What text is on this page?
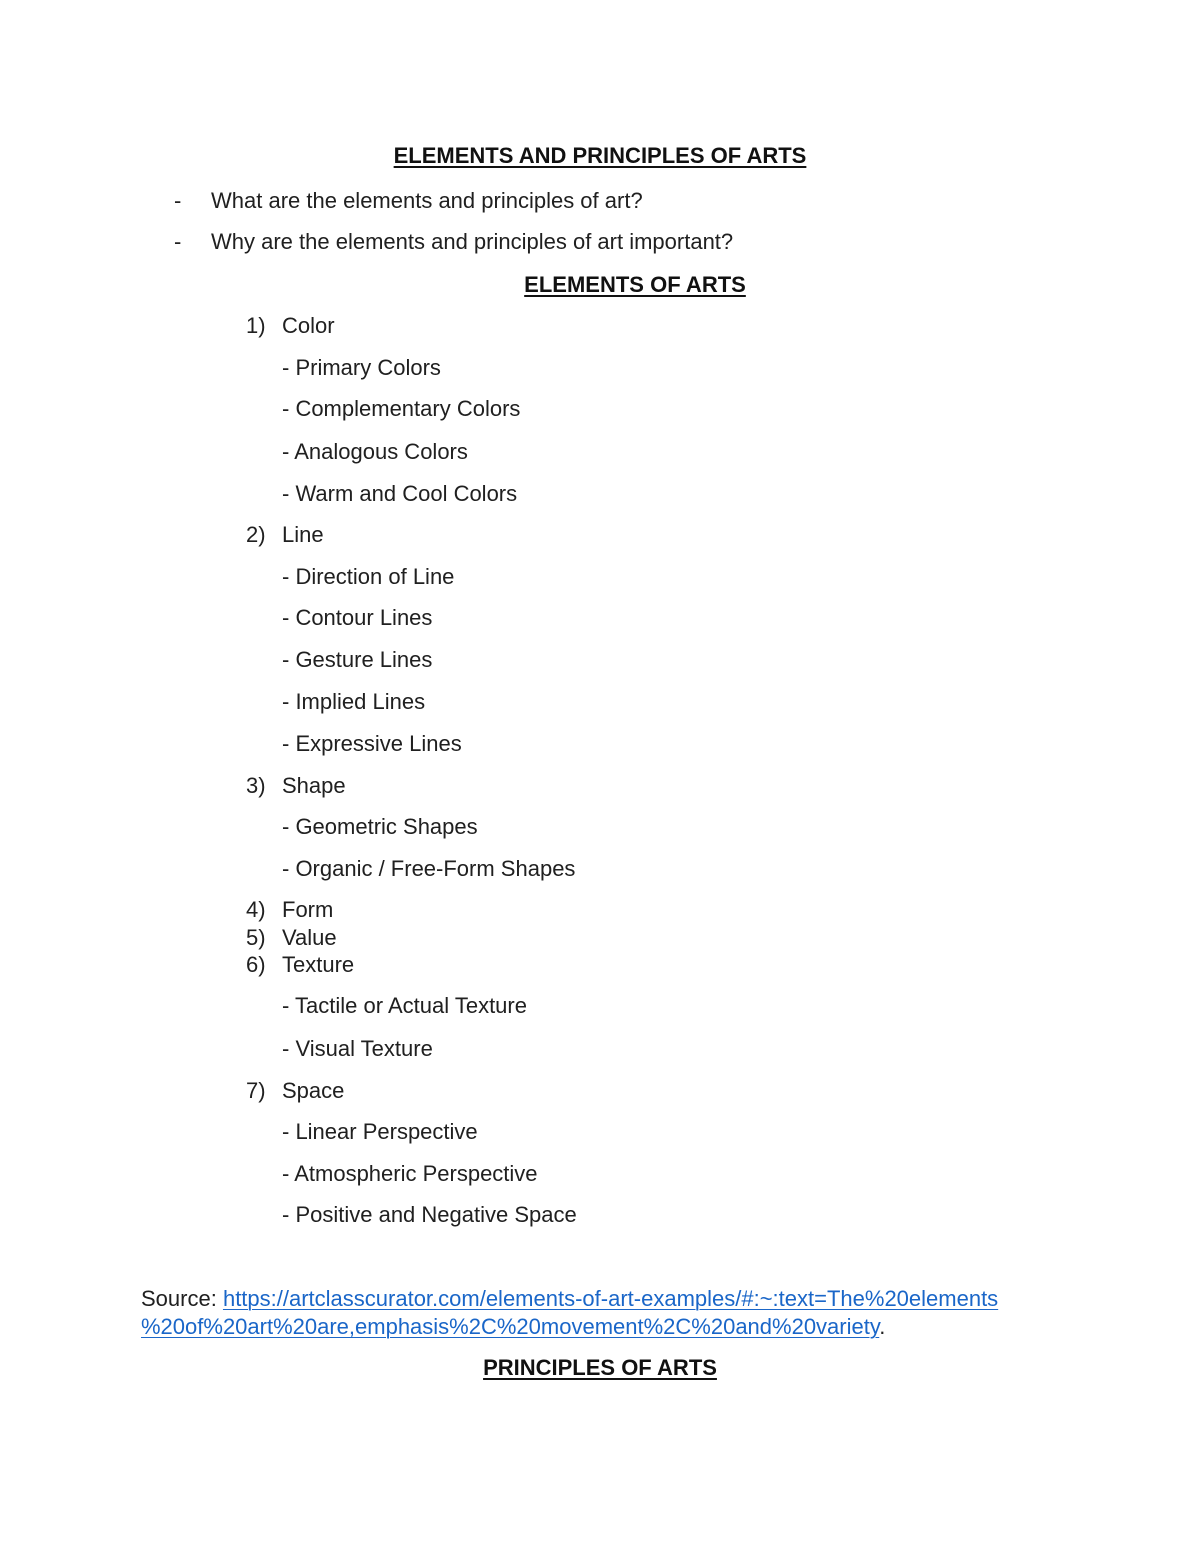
ELEMENTS AND PRINCIPLES OF ARTS
- What are the elements and principles of art?
- Why are the elements and principles of art important?
ELEMENTS OF ARTS
1) Color
- Primary Colors
- Complementary Colors
- Analogous Colors
- Warm and Cool Colors
2) Line
- Direction of Line
- Contour Lines
- Gesture Lines
- Implied Lines
- Expressive Lines
3) Shape
- Geometric Shapes
- Organic / Free-Form Shapes
4) Form
5) Value
6) Texture
- Tactile or Actual Texture
- Visual Texture
7) Space
- Linear Perspective
- Atmospheric Perspective
- Positive and Negative Space
Source: https://artclasscurator.com/elements-of-art-examples/#:~:text=The%20elements
%20of%20art%20are,emphasis%2C%20movement%2C%20and%20variety.
PRINCIPLES OF ARTS
